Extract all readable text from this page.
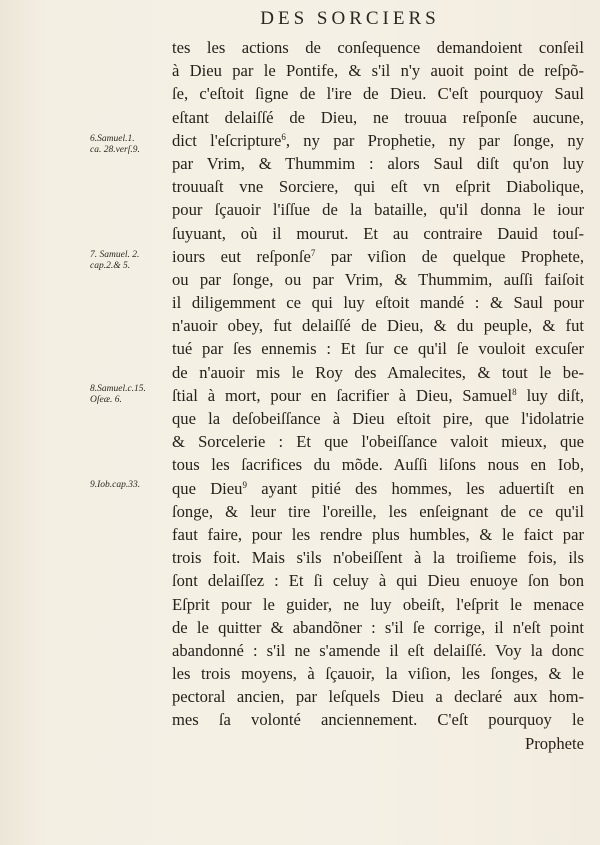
DES SORCIERS
6.Samuel.1.
ca. 28.verſ.9.
7. Samuel. 2.
cap.2.& 5.
8.Samuel.c.15.
Oſeæ. 6.
9.Iob.cap.33.
tes les actions de conſequence demandoient conſeil
à Dieu par le Pontife, & s'il n'y auoit point de reſpõ-
ſe, c'eſtoit ſigne de l'ire de Dieu. C'eſt pourquoy Saul
eſtant delaiſſé de Dieu, ne trouua reſponſe aucune,
dict l'eſcripture$^6$, ny par Prophetie, ny par ſonge, ny
par Vrim, & Thummim : alors Saul diſt qu'on luy
trouuaſt vne Sorciere, qui eſt vn eſprit Diabolique,
pour ſçauoir l'iſſue de la bataille, qu'il donna le iour
ſuyuant, où il mourut. Et au contraire Dauid touſ-
iours eut reſponſe$^7$ par viſion de quelque Prophete,
ou par ſonge, ou par Vrim, & Thummim, auſſi faiſoit
il diligemment ce qui luy eſtoit mandé : & Saul pour
n'auoir obey, fut delaiſſé de Dieu, & du peuple, & fut
tué par ſes ennemis : Et ſur ce qu'il ſe vouloit excuſer
de n'auoir mis le Roy des Amalecites, & tout le be-
ſtial à mort, pour en ſacrifier à Dieu, Samuel$^8$ luy diſt,
que la deſobeiſſance à Dieu eſtoit pire, que l'idolatrie
& Sorcelerie : Et que l'obeiſſance valoit mieux, que
tous les ſacrifices du mõde. Auſſi liſons nous en Iob,
que Dieu$^9$ ayant pitié des hommes, les aduertiſt en
ſonge, & leur tire l'oreille, les enſeignant de ce qu'il
faut faire, pour les rendre plus humbles, & le faict par
trois foit. Mais s'ils n'obeiſſent à la troiſieme fois, ils
ſont delaiſſez : Et ſi celuy à qui Dieu enuoye ſon bon
Eſprit pour le guider, ne luy obeiſt, l'eſprit le menace
de le quitter & abandõner : s'il ſe corrige, il n'eſt point
abandonné : s'il ne s'amende il eſt delaiſſé. Voy la donc
les trois moyens, à ſçauoir, la viſion, les ſonges, & le
pectoral ancien, par leſquels Dieu a declaré aux hom-
mes ſa volonté anciennement. C'eſt pourquoy le
Prophete
